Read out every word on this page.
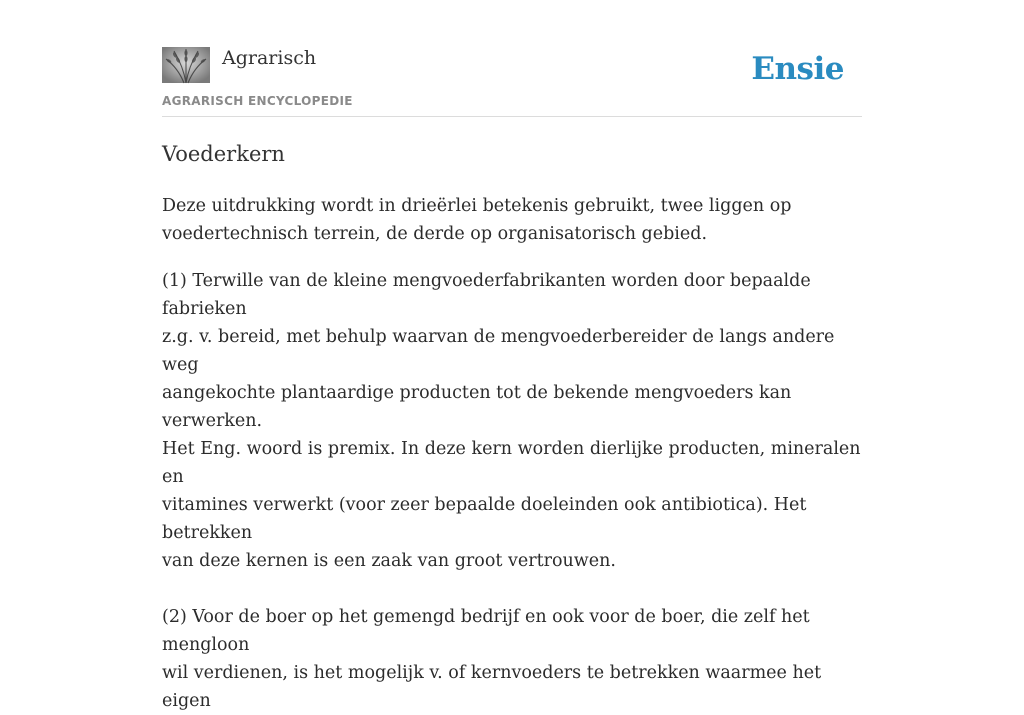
Agrarisch
AGRARISCH ENCYCLOPEDIE
Ensie
Voederkern

Deze uitdrukking wordt in drieërlei betekenis gebruikt, twee liggen op
voedertechnisch terrein, de derde op organisatorisch gebied.

(1) Terwille van de kleine mengvoederfabrikanten worden door bepaalde fabrieken
z.g. v. bereid, met behulp waarvan de mengvoederbereider de langs andere weg
aangekochte plantaardige producten tot de bekende mengvoeders kan verwerken.
Het Eng. woord is premix. In deze kern worden dierlijke producten, mineralen en
vitamines verwerkt (voor zeer bepaalde doeleinden ook antibiotica). Het betrekken
van deze kernen is een zaak van groot vertrouwen.

(2) Voor de boer op het gemengd bedrijf en ook voor de boer, die zelf het mengloon
wil verdienen, is het mogelijk v. of kernvoeders te betrekken waarmee het eigen
